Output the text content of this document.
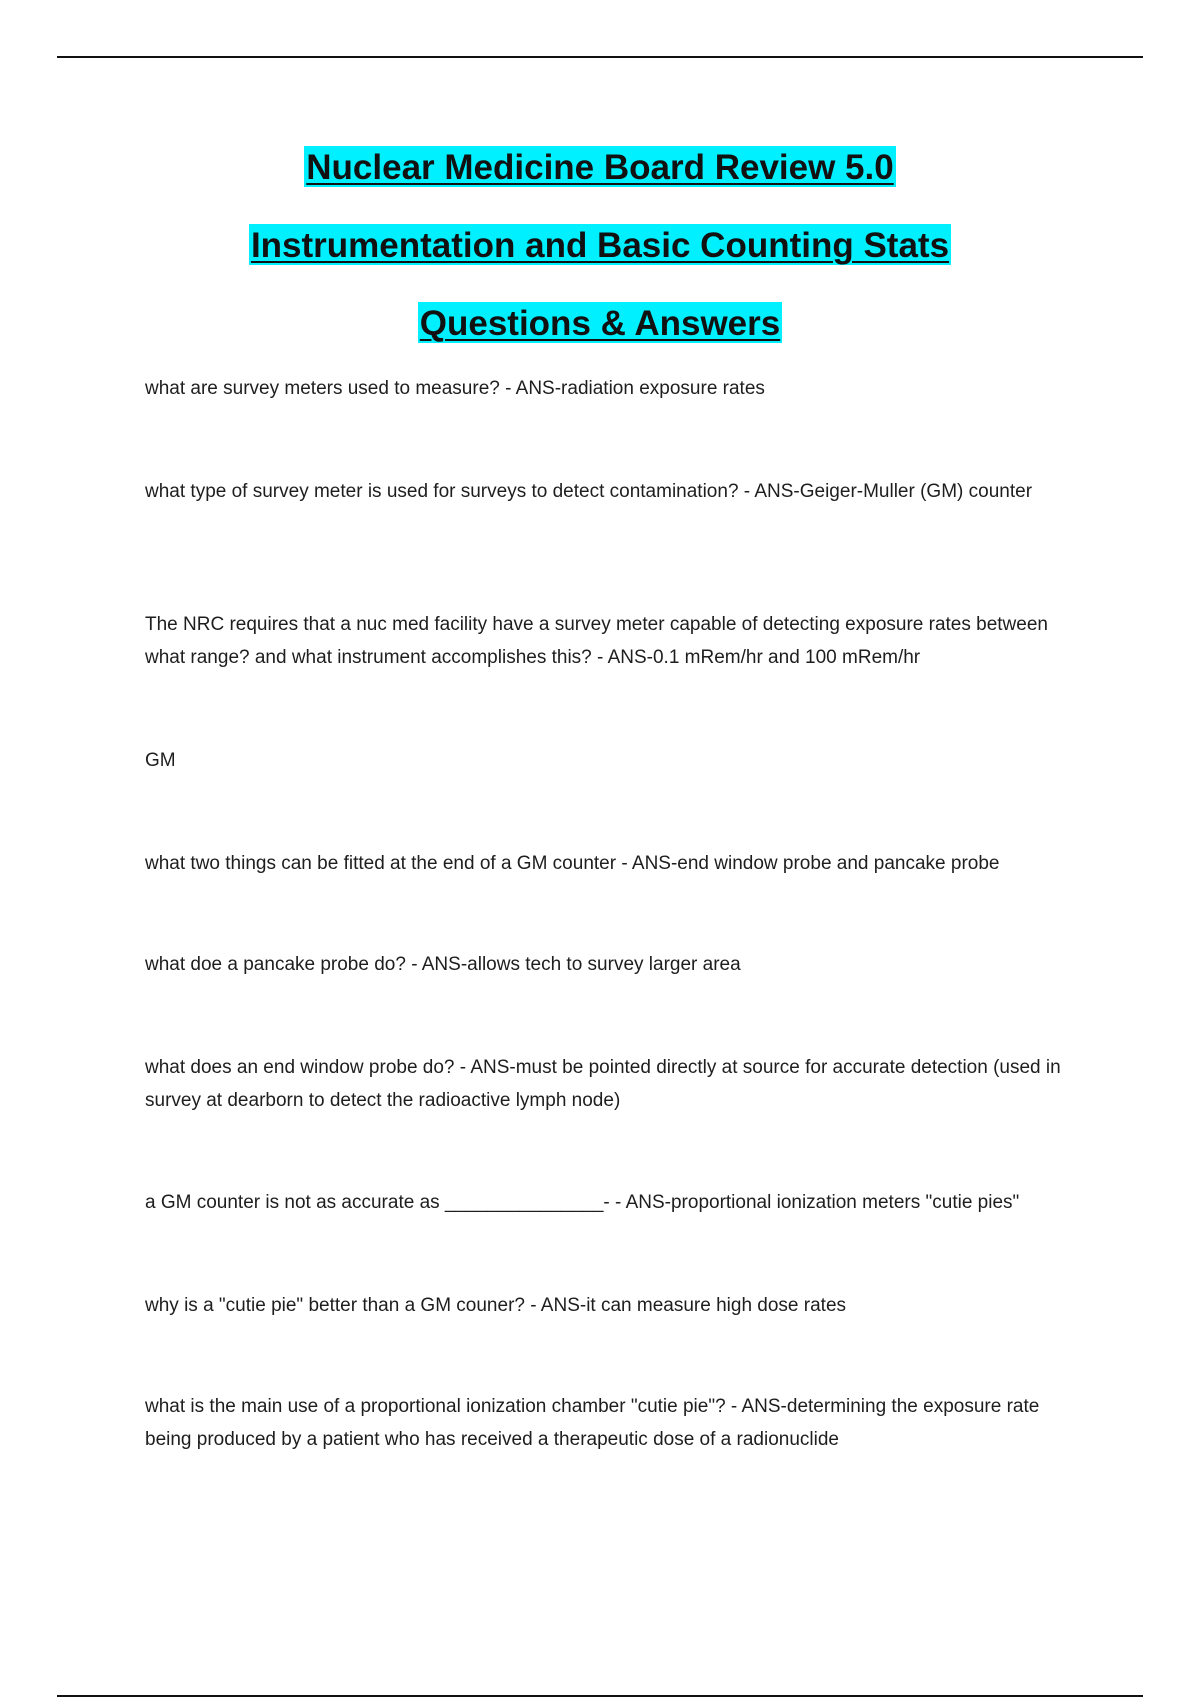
Nuclear Medicine Board Review 5.0
Instrumentation and Basic Counting Stats
Questions & Answers

what are survey meters used to measure? - ANS-radiation exposure rates

what type of survey meter is used for surveys to detect contamination? - ANS-Geiger-Muller (GM) counter

The NRC requires that a nuc med facility have a survey meter capable of detecting exposure rates between what range? and what instrument accomplishes this? - ANS-0.1 mRem/hr and 100 mRem/hr

GM

what two things can be fitted at the end of a GM counter - ANS-end window probe and pancake probe

what doe a pancake probe do? - ANS-allows tech to survey larger area

what does an end window probe do? - ANS-must be pointed directly at source for accurate detection (used in survey at dearborn to detect the radioactive lymph node)

a GM counter is not as accurate as _______________- - ANS-proportional ionization meters "cutie pies"

why is a "cutie pie" better than a GM couner? - ANS-it can measure high dose rates

what is the main use of a proportional ionization chamber "cutie pie"? - ANS-determining the exposure rate being produced by a patient who has received a therapeutic dose of a radionuclide
